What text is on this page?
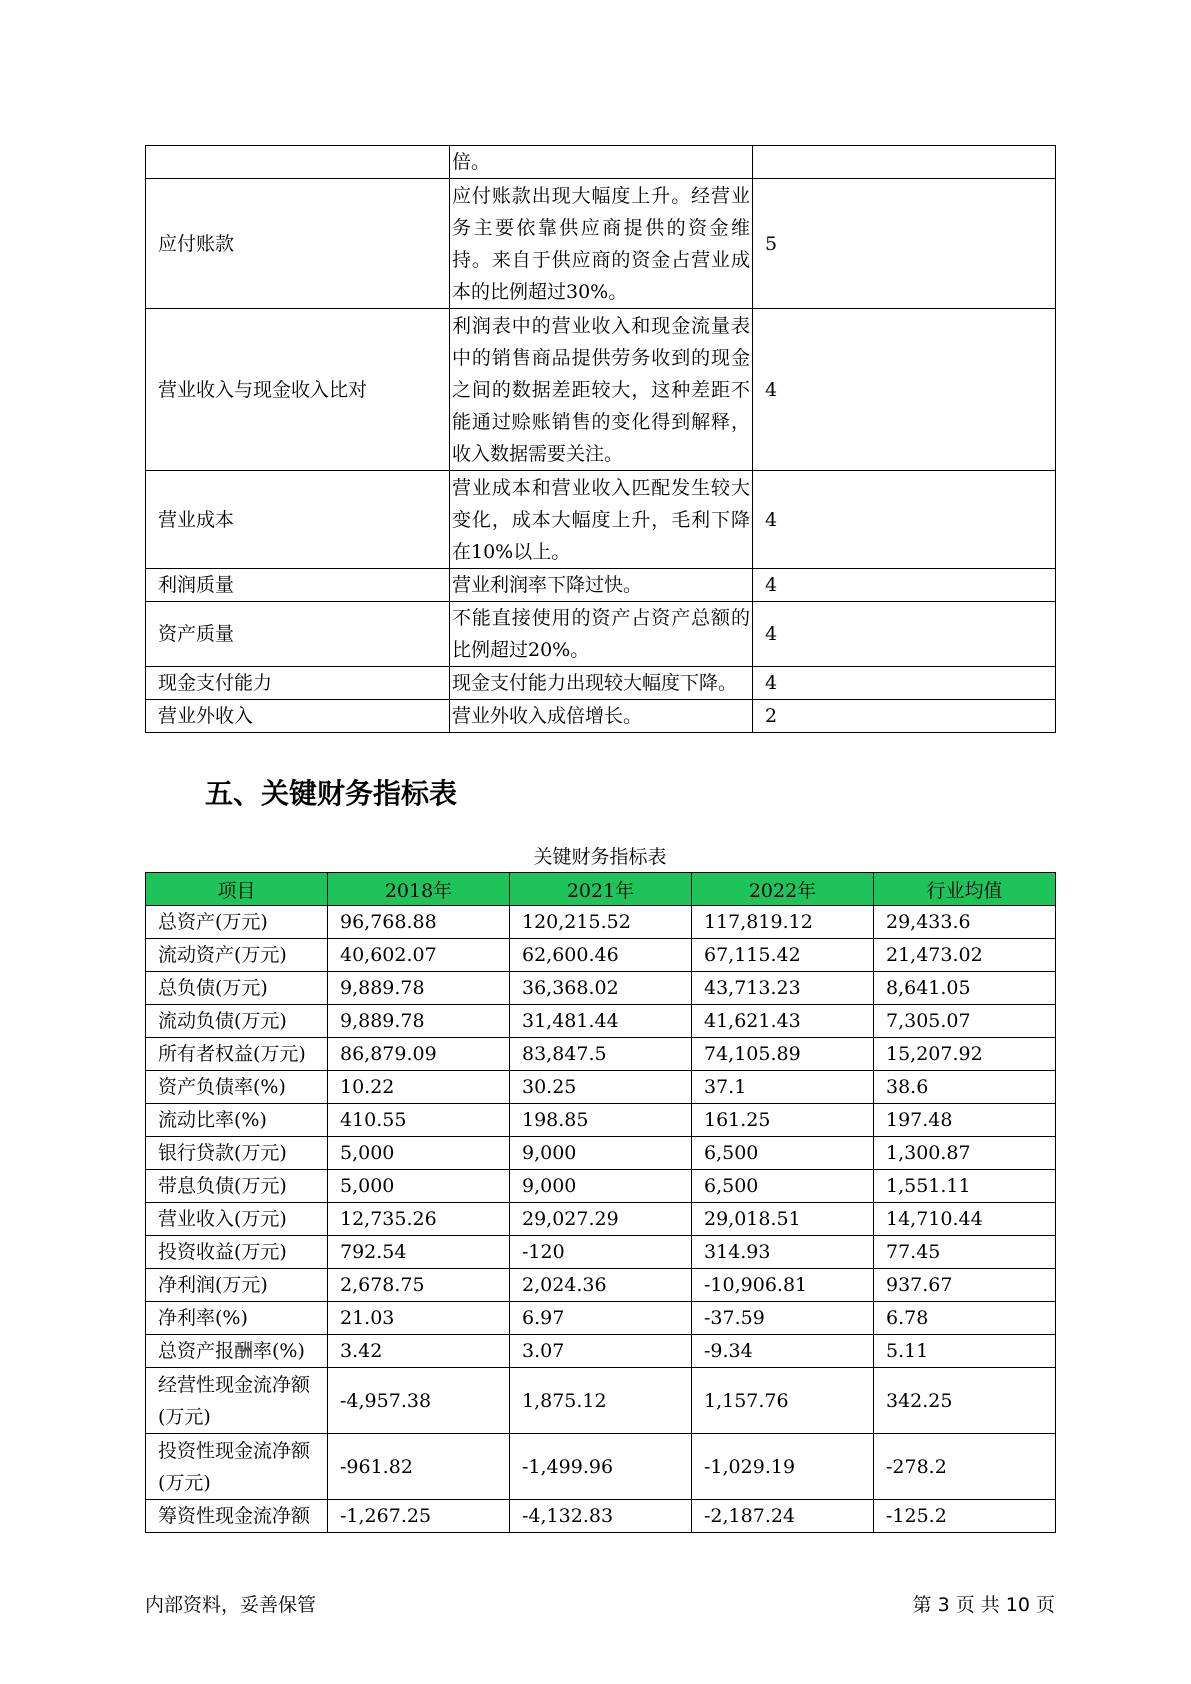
	倍。	
应付账款	应付账款出现大幅度上升。经营业务主要依靠供应商提供的资金维持。来自于供应商的资金占营业成本的比例超过30%。	5
营业收入与现金收入比对	利润表中的营业收入和现金流量表中的销售商品提供劳务收到的现金之间的数据差距较大，这种差距不能通过赊账销售的变化得到解释，收入数据需要关注。	4
营业成本	营业成本和营业收入匹配发生较大变化，成本大幅度上升，毛利下降在10%以上。	4
利润质量	营业利润率下降过快。	4
资产质量	不能直接使用的资产占资产总额的比例超过20%。	4
现金支付能力	现金支付能力出现较大幅度下降。	4
营业外收入	营业外收入成倍增长。	2
五、关键财务指标表
关键财务指标表
项目	2018年	2021年	2022年	行业均值
总资产(万元)	96,768.88	120,215.52	117,819.12	29,433.6
流动资产(万元)	40,602.07	62,600.46	67,115.42	21,473.02
总负债(万元)	9,889.78	36,368.02	43,713.23	8,641.05
流动负债(万元)	9,889.78	31,481.44	41,621.43	7,305.07
所有者权益(万元)	86,879.09	83,847.5	74,105.89	15,207.92
资产负债率(%)	10.22	30.25	37.1	38.6
流动比率(%)	410.55	198.85	161.25	197.48
银行贷款(万元)	5,000	9,000	6,500	1,300.87
带息负债(万元)	5,000	9,000	6,500	1,551.11
营业收入(万元)	12,735.26	29,027.29	29,018.51	14,710.44
投资收益(万元)	792.54	-120	314.93	77.45
净利润(万元)	2,678.75	2,024.36	-10,906.81	937.67
净利率(%)	21.03	6.97	-37.59	6.78
总资产报酬率(%)	3.42	3.07	-9.34	5.11
经营性现金流净额(万元)	-4,957.38	1,875.12	1,157.76	342.25
投资性现金流净额(万元)	-961.82	-1,499.96	-1,029.19	-278.2
筹资性现金流净额	-1,267.25	-4,132.83	-2,187.24	-125.2
内部资料，妥善保管	第 3 页 共 10 页
